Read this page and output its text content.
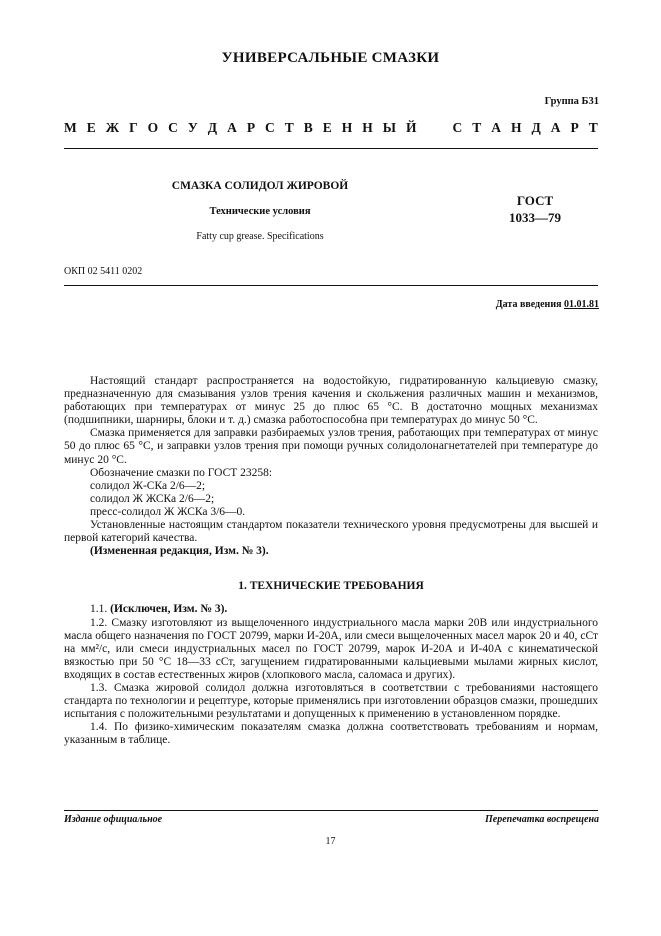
УНИВЕРСАЛЬНЫЕ СМАЗКИ
Группа Б31
М Е Ж Г О С У Д А Р С Т В Е Н Н Ы Й	С Т А Н Д А Р Т
СМАЗКА СОЛИДОЛ ЖИРОВОЙ
Технические условия
Fatty cup grease. Specifications
ГОСТ
1033—79
ОКП 02 5411 0202
Дата введения 01.01.81

Настоящий стандарт распространяется на водостойкую, гидратированную кальциевую смазку, предназначенную для смазывания узлов трения качения и скольжения различных машин и механизмов, работающих при температурах от минус 25 до плюс 65 °С. В достаточно мощных механизмах (подшипники, шарниры, блоки и т. д.) смазка работоспособна при температурах до минус 50 °С.

Смазка применяется для заправки разбираемых узлов трения, работающих при температурах от минус 50 до плюс 65 °С, и заправки узлов трения при помощи ручных солидолонагнетателей при температуре до минус 20 °С.

Обозначение смазки по ГОСТ 23258:

солидол Ж-СКа 2/6—2;

солидол Ж ЖСКа 2/6—2;

пресс-солидол Ж ЖСКа 3/6—0.

Установленные настоящим стандартом показатели технического уровня предусмотрены для высшей и первой категорий качества.

(Измененная редакция, Изм. № 3).

1. ТЕХНИЧЕСКИЕ ТРЕБОВАНИЯ

1.1. (Исключен, Изм. № 3).

1.2. Смазку изготовляют из выщелоченного индустриального масла марки 20В или индустриального масла общего назначения по ГОСТ 20799, марки И-20А, или смеси выщелоченных масел марок 20 и 40, сСт на мм²/с, или смеси индустриальных масел по ГОСТ 20799, марок И-20А и И-40А с кинематической вязкостью при 50 °С 18—33 сСт, загущением гидратированными кальциевыми мылами жирных кислот, входящих в состав естественных жиров (хлопкового масла, саломаса и других).

1.3. Смазка жировой солидол должна изготовляться в соответствии с требованиями настоящего стандарта по технологии и рецептуре, которые применялись при изготовлении образцов смазки, прошедших испытания с положительными результатами и допущенных к применению в установленном порядке.

1.4. По физико-химическим показателям смазка должна соответствовать требованиям и нормам, указанным в таблице.

Издание официальное	Перепечатка воспрещена
17
